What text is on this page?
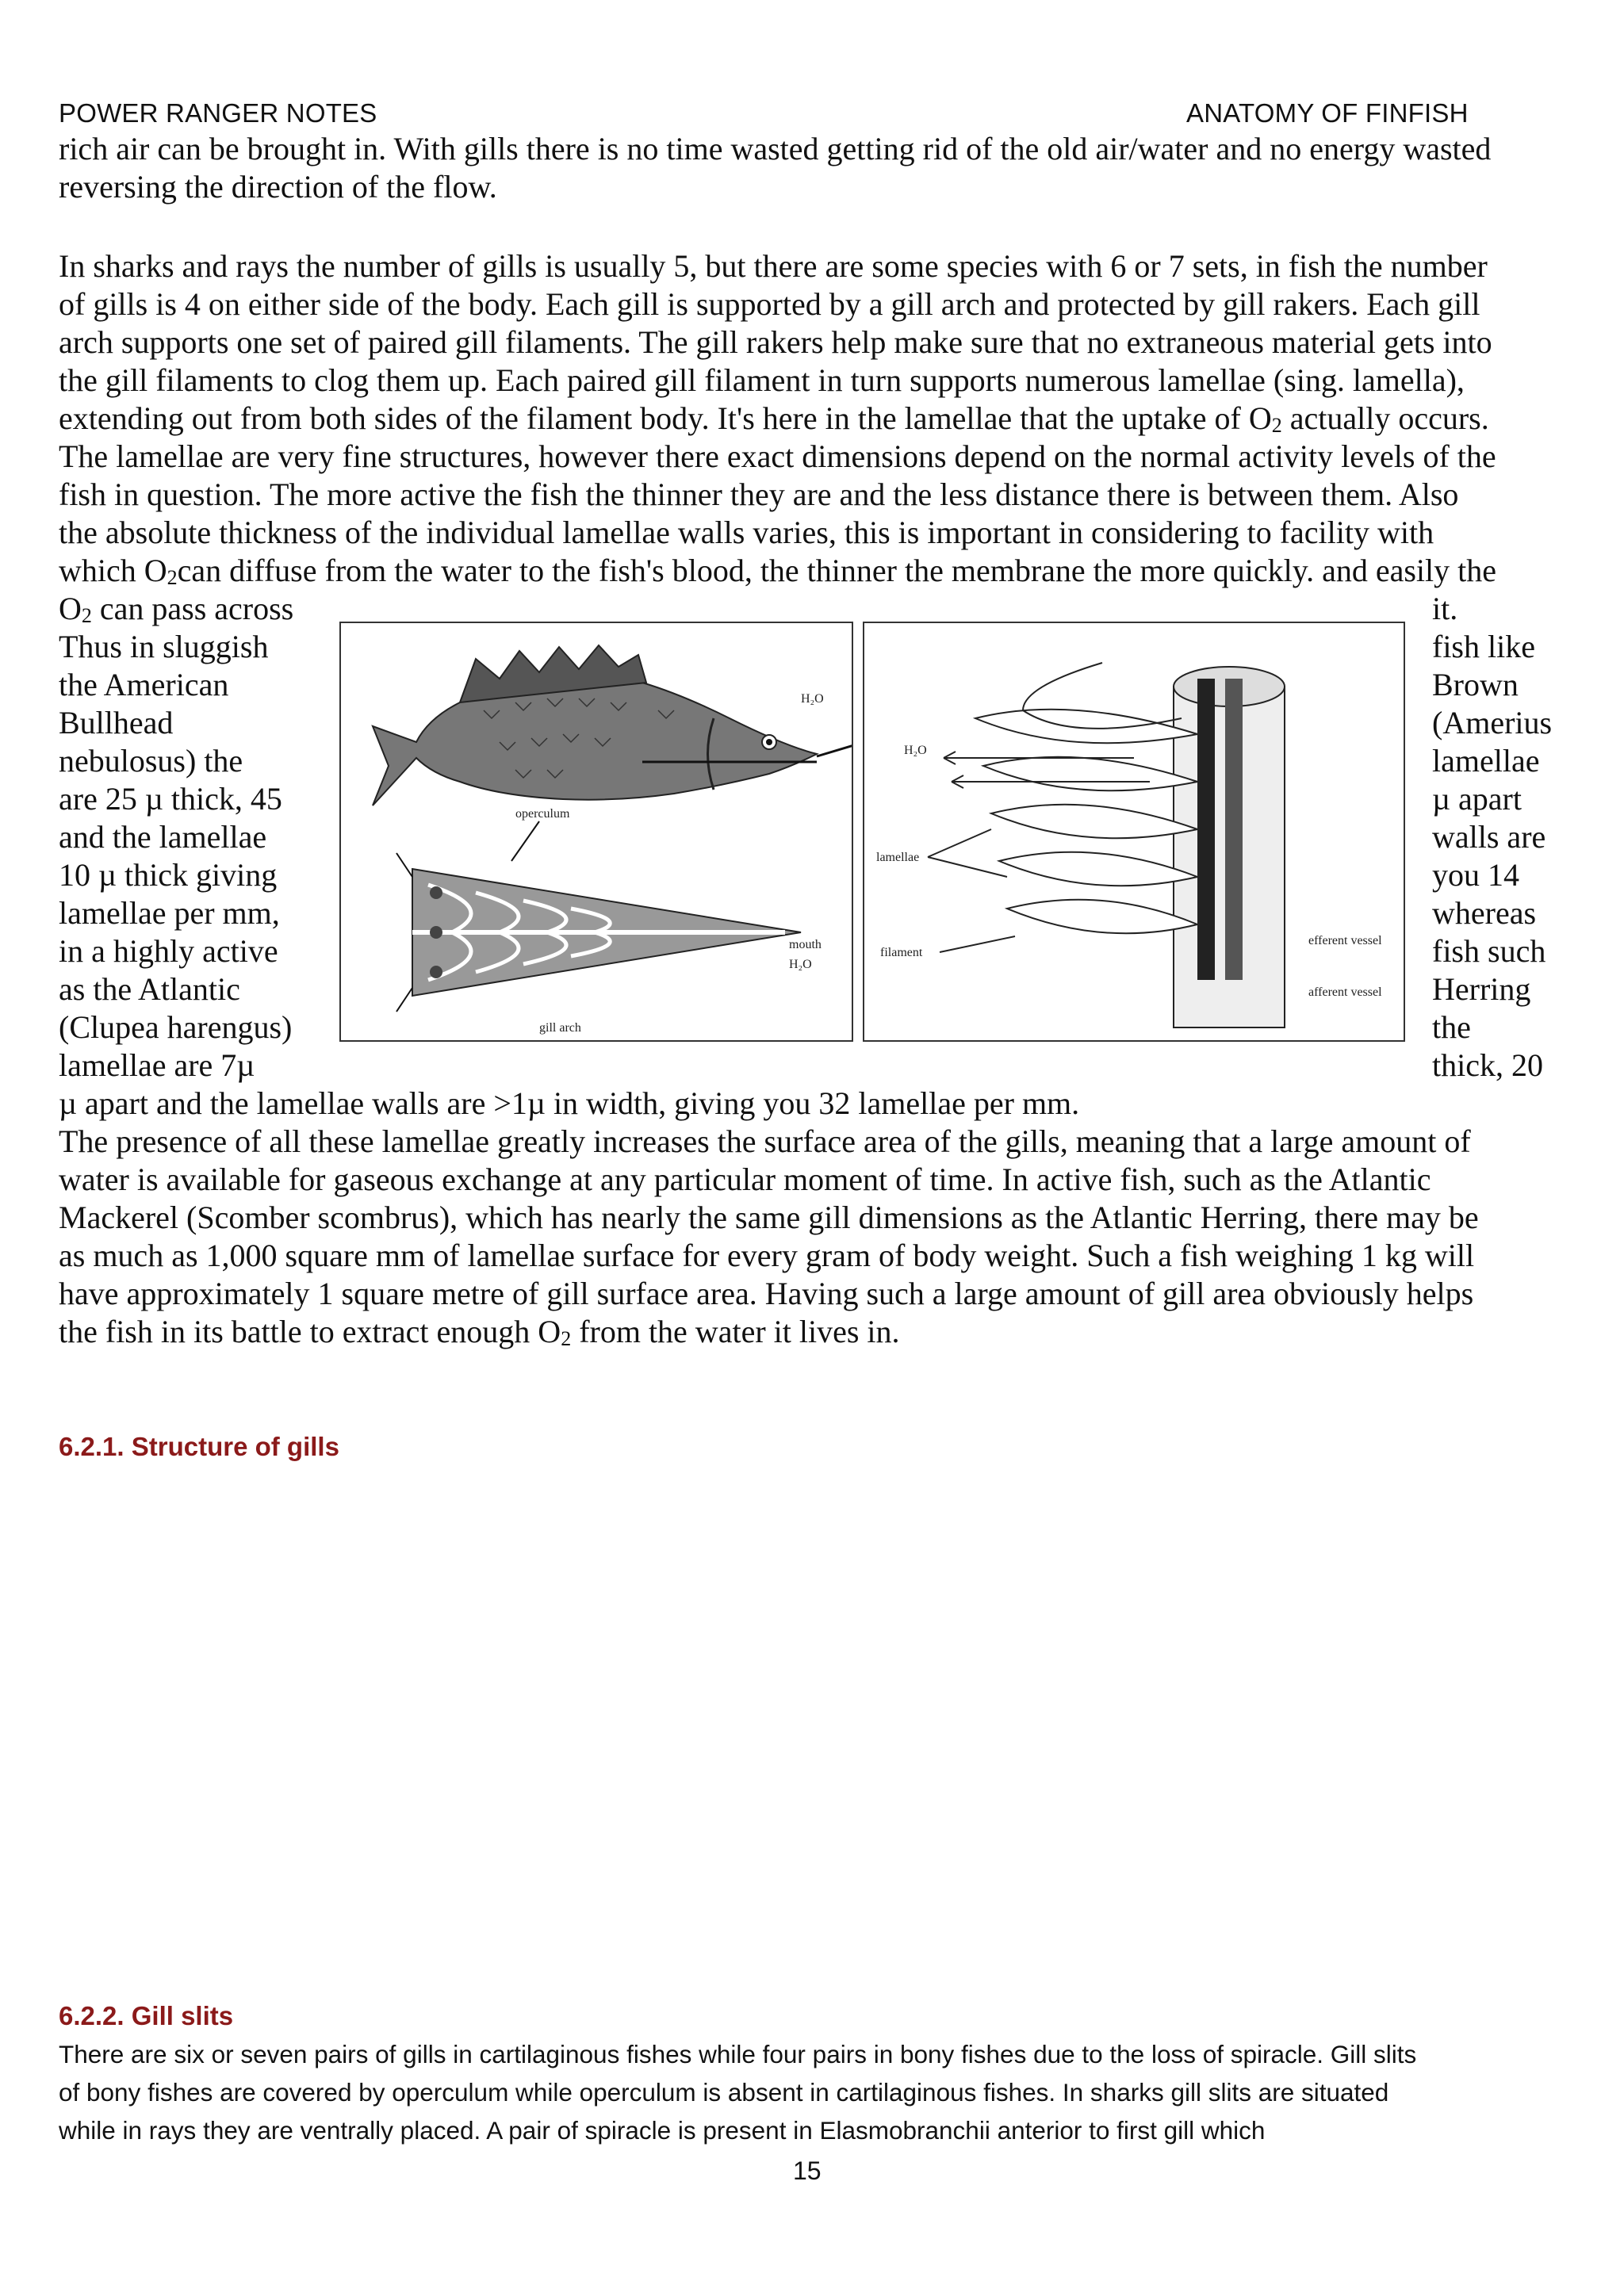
POWER RANGER NOTES	ANATOMY OF FINFISH
rich air can be brought in. With gills there is no time wasted getting rid of the old air/water and no energy wasted
reversing the direction of the flow.
In sharks and rays the number of gills is usually 5, but there are some species with 6 or 7 sets, in fish the number
of gills is 4 on either side of the body. Each gill is supported by a gill arch and protected by gill rakers. Each gill
arch supports one set of paired gill filaments. The gill rakers help make sure that no extraneous material gets into
the gill filaments to clog them up. Each paired gill filament in turn supports numerous lamellae (sing. lamella),
extending out from both sides of the filament body. It's here in the lamellae that the uptake of $O_2$ actually occurs.
The lamellae are very fine structures, however there exact dimensions depend on the normal activity levels of the
fish in question. The more active the fish the thinner they are and the less distance there is between them. Also
the absolute thickness of the individual lamellae walls varies, this is important in considering to facility with
which $O_2can$ diffuse from the water to the fish's blood, the thinner the membrane the more quickly. and easily the
$O_2$ can pass across
Thus in sluggish
the American
Bullhead
nebulosus) the
are 25 µ thick, 45
and the lamellae
10 µ thick giving
lamellae per mm,
in a highly active
as the Atlantic
(Clupea harengus)
lamellae are 7µ
it.
fish like
Brown
(Amerius
lamellae
µ apart
walls are
you 14
whereas
fish such
Herring
the
thick, 20
µ apart and the lamellae walls are >1µ in width, giving you 32 lamellae per mm.
H₂O
operculum
mouth
H₂O
gill arch
H₂O
lamellae
filament
efferent vessel
afferent vessel
The presence of all these lamellae greatly increases the surface area of the gills, meaning that a large amount of
water is available for gaseous exchange at any particular moment of time. In active fish, such as the Atlantic
Mackerel (Scomber scombrus), which has nearly the same gill dimensions as the Atlantic Herring, there may be
as much as 1,000 square mm of lamellae surface for every gram of body weight. Such a fish weighing 1 kg will
have approximately 1 square metre of gill surface area. Having such a large amount of gill area obviously helps
the fish in its battle to extract enough $O_2$ from the water it lives in.
6.2.1. Structure of gills
6.2.2. Gill slits
There are six or seven pairs of gills in cartilaginous fishes while four pairs in bony fishes due to the loss of spiracle. Gill slits
of bony fishes are covered by operculum while operculum is absent in cartilaginous fishes. In sharks gill slits are situated
while in rays they are ventrally placed. A pair of spiracle is present in Elasmobranchii anterior to first gill which
15
